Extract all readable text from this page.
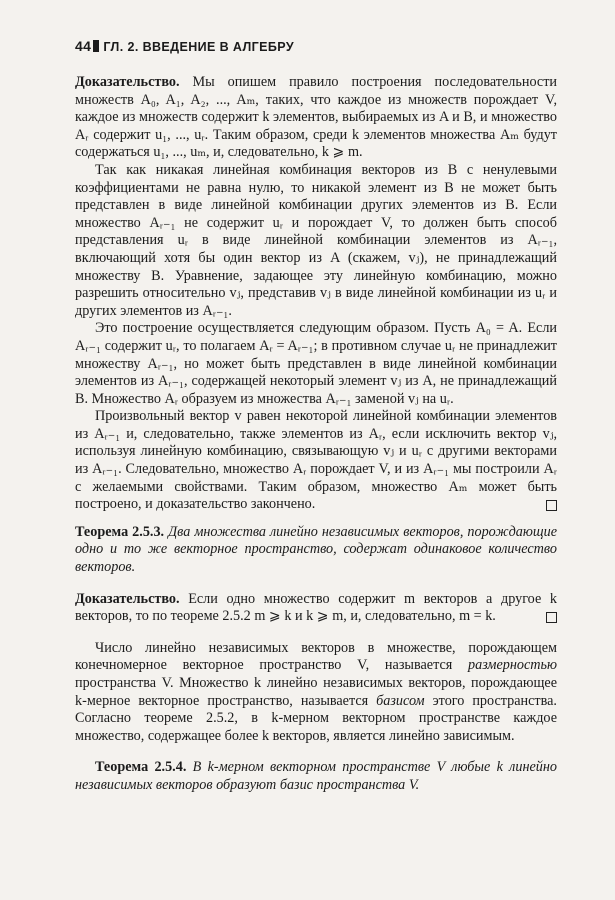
44 ГЛ. 2. ВВЕДЕНИЕ В АЛГЕБРУ

Доказательство. Мы опишем правило построения последовательности множеств A₀, A₁, A₂, ..., Aₘ, таких, что каждое из множеств порождает V, каждое из множеств содержит k элементов, выбираемых из A и B, и множество Aᵣ содержит u₁, ..., uᵣ. Таким образом, среди k элементов множества Aₘ будут содержаться u₁, ..., uₘ, и, следовательно, k ⩾ m.

Так как никакая линейная комбинация векторов из B с ненулевыми коэффициентами не равна нулю, то никакой элемент из B не может быть представлен в виде линейной комбинации других элементов из B. Если множество Aᵣ₋₁ не содержит uᵣ и порождает V, то должен быть способ представления uᵣ в виде линейной комбинации элементов из Aᵣ₋₁, включающий хотя бы один вектор из A (скажем, vⱼ), не принадлежащий множеству B. Уравнение, задающее эту линейную комбинацию, можно разрешить относительно vⱼ, представив vⱼ в виде линейной комбинации из uᵣ и других элементов из Aᵣ₋₁.

Это построение осуществляется следующим образом. Пусть A₀ = A. Если Aᵣ₋₁ содержит uᵣ, то полагаем Aᵣ = Aᵣ₋₁; в противном случае uᵣ не принадлежит множеству Aᵣ₋₁, но может быть представлен в виде линейной комбинации элементов из Aᵣ₋₁, содержащей некоторый элемент vⱼ из A, не принадлежащий B. Множество Aᵣ образуем из множества Aᵣ₋₁ заменой vⱼ на uᵣ.

Произвольный вектор v равен некоторой линейной комбинации элементов из Aᵣ₋₁ и, следовательно, также элементов из Aᵣ, если исключить вектор vⱼ, используя линейную комбинацию, связывающую vⱼ и uᵣ с другими векторами из Aᵣ₋₁. Следовательно, множество Aᵣ порождает V, и из Aᵣ₋₁ мы построили Aᵣ с желаемыми свойствами. Таким образом, множество Aₘ может быть построено, и доказательство закончено.

Теорема 2.5.3. Два множества линейно независимых векторов, порождающие одно и то же векторное пространство, содержат одинаковое количество векторов.

Доказательство. Если одно множество содержит m векторов а другое k векторов, то по теореме 2.5.2 m ⩾ k и k ⩾ m, и, следовательно, m = k.

Число линейно независимых векторов в множестве, порождающем конечномерное векторное пространство V, называется размерностью пространства V. Множество k линейно независимых векторов, порождающее k-мерное векторное пространство, называется базисом этого пространства. Согласно теореме 2.5.2, в k-мерном векторном пространстве каждое множество, содержащее более k векторов, является линейно зависимым.

Теорема 2.5.4. В k-мерном векторном пространстве V любые k линейно независимых векторов образуют базис пространства V.
